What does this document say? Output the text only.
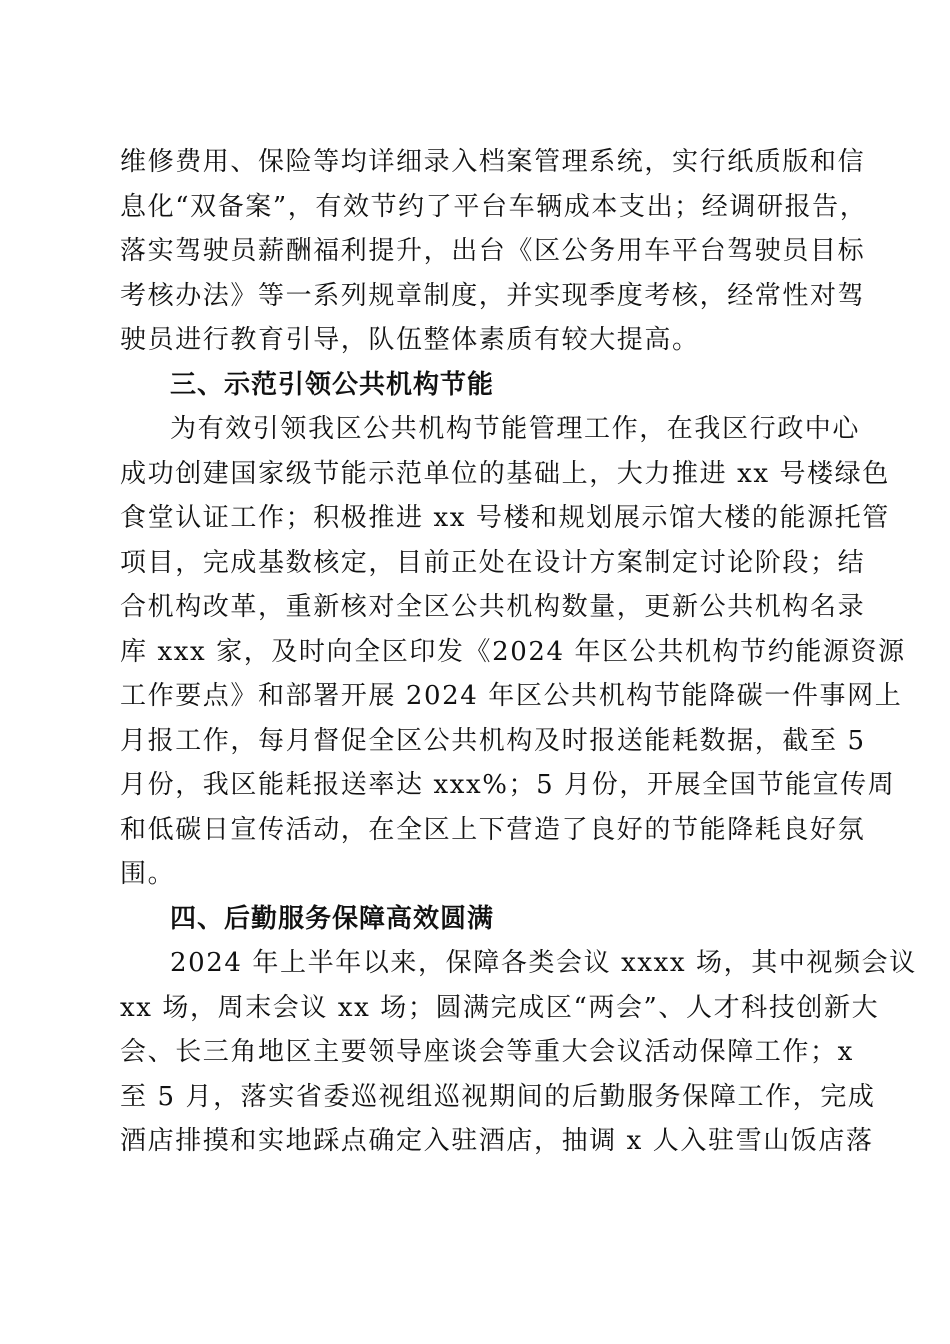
维修费用、保险等均详细录入档案管理系统，实行纸质版和信
息化“双备案”，有效节约了平台车辆成本支出；经调研报告，
落实驾驶员薪酬福利提升，出台《区公务用车平台驾驶员目标
考核办法》等一系列规章制度，并实现季度考核，经常性对驾
驶员进行教育引导，队伍整体素质有较大提高。
三、示范引领公共机构节能
为有效引领我区公共机构节能管理工作，在我区行政中心
成功创建国家级节能示范单位的基础上，大力推进 xx 号楼绿色
食堂认证工作；积极推进 xx 号楼和规划展示馆大楼的能源托管
项目，完成基数核定，目前正处在设计方案制定讨论阶段；结
合机构改革，重新核对全区公共机构数量，更新公共机构名录
库 xxx 家，及时向全区印发《2024 年区公共机构节约能源资源
工作要点》和部署开展 2024 年区公共机构节能降碳一件事网上
月报工作，每月督促全区公共机构及时报送能耗数据，截至 5
月份，我区能耗报送率达 xxx%；5 月份，开展全国节能宣传周
和低碳日宣传活动，在全区上下营造了良好的节能降耗良好氛
围。
四、后勤服务保障高效圆满
2024 年上半年以来，保障各类会议 xxxx 场，其中视频会议
xx 场，周末会议 xx 场；圆满完成区“两会”、人才科技创新大
会、长三角地区主要领导座谈会等重大会议活动保障工作；x
至 5 月，落实省委巡视组巡视期间的后勤服务保障工作，完成
酒店排摸和实地踩点确定入驻酒店，抽调 x 人入驻雪山饭店落
